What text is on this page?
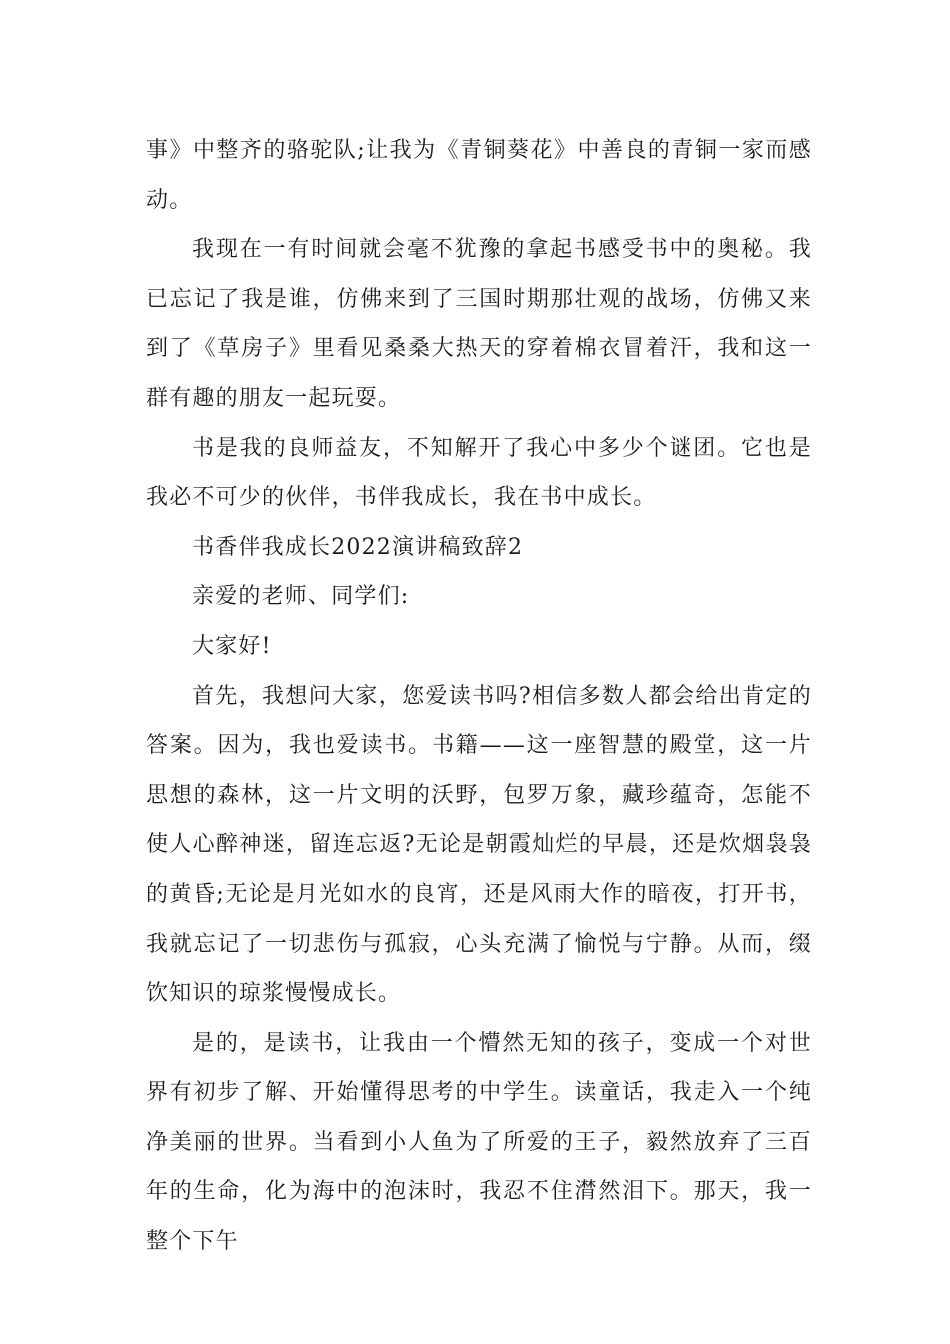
事》中整齐的骆驼队;让我为《青铜葵花》中善良的青铜一家而感动。

我现在一有时间就会毫不犹豫的拿起书感受书中的奥秘。我已忘记了我是谁，仿佛来到了三国时期那壮观的战场，仿佛又来到了《草房子》里看见桑桑大热天的穿着棉衣冒着汗，我和这一群有趣的朋友一起玩耍。

书是我的良师益友，不知解开了我心中多少个谜团。它也是我必不可少的伙伴，书伴我成长，我在书中成长。

书香伴我成长2022演讲稿致辞2

亲爱的老师、同学们:

大家好!

首先，我想问大家，您爱读书吗?相信多数人都会给出肯定的答案。因为，我也爱读书。书籍——这一座智慧的殿堂，这一片思想的森林，这一片文明的沃野，包罗万象，藏珍蕴奇，怎能不使人心醉神迷，留连忘返?无论是朝霞灿烂的早晨，还是炊烟袅袅的黄昏;无论是月光如水的良宵，还是风雨大作的暗夜，打开书，我就忘记了一切悲伤与孤寂，心头充满了愉悦与宁静。从而，缀饮知识的琼浆慢慢成长。

是的，是读书，让我由一个懵然无知的孩子，变成一个对世界有初步了解、开始懂得思考的中学生。读童话，我走入一个纯净美丽的世界。当看到小人鱼为了所爱的王子，毅然放弃了三百年的生命，化为海中的泡沫时，我忍不住潸然泪下。那天，我一整个下午
